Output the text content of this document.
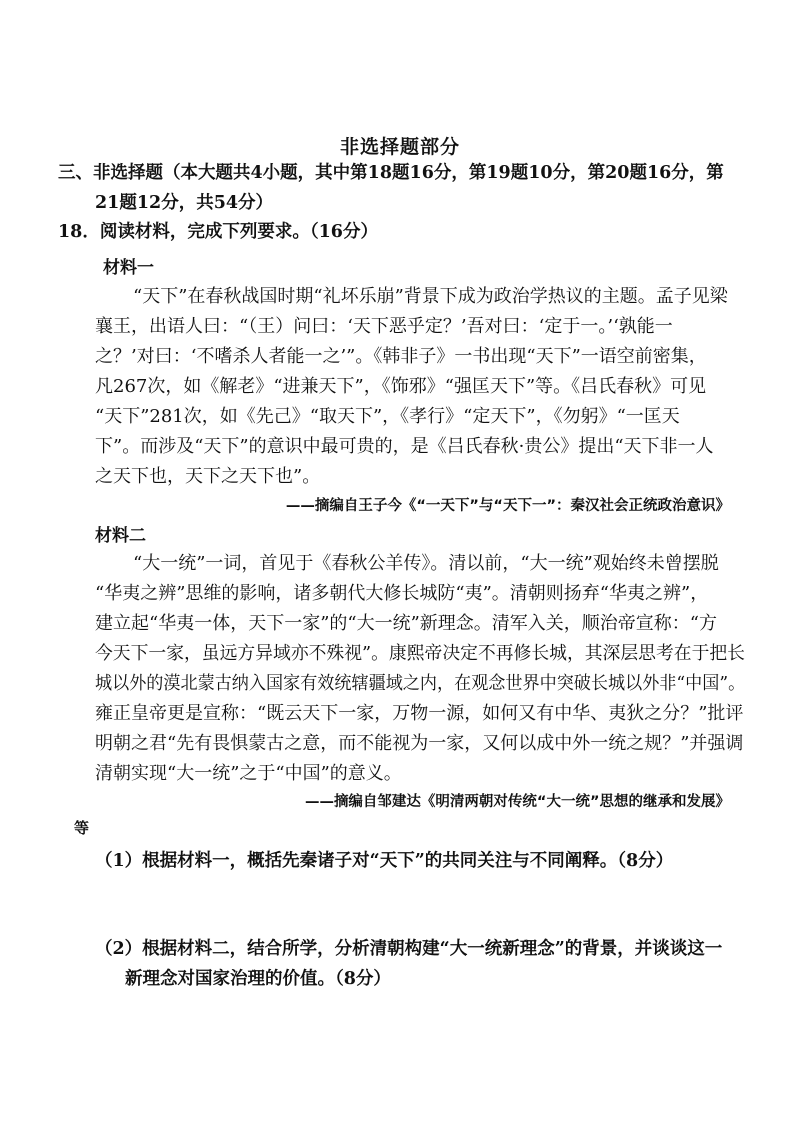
非选择题部分
三、非选择题（本大题共4小题，其中第18题16分，第19题10分，第20题16分，第
21题12分，共54分）
18．阅读材料，完成下列要求。（16分）
材料一
“天下”在春秋战国时期“礼坏乐崩”背景下成为政治学热议的主题。孟子见梁
襄王，出语人曰：“（王）问曰：‘天下恶乎定？’吾对曰：‘定于一。’‘孰能一
之？’对曰：‘不嗜杀人者能一之’”。《韩非子》一书出现“天下”一语空前密集，
凡267次，如《解老》“进兼天下”，《饰邪》“强匡天下”等。《吕氏春秋》可见
“天下”281次，如《先己》“取天下”，《孝行》“定天下”，《勿躬》“一匡天
下”。而涉及“天下”的意识中最可贵的，是《吕氏春秋·贵公》提出“天下非一人
之天下也，天下之天下也”。
——摘编自王子今《“一天下”与“天下一”：秦汉社会正统政治意识》
材料二
“大一统”一词，首见于《春秋公羊传》。清以前，“大一统”观始终未曾摆脱
“华夷之辨”思维的影响，诸多朝代大修长城防“夷”。清朝则扬弃“华夷之辨”，
建立起“华夷一体，天下一家”的“大一统”新理念。清军入关，顺治帝宣称：“方
今天下一家，虽远方异域亦不殊视”。康熙帝决定不再修长城，其深层思考在于把长
城以外的漠北蒙古纳入国家有效统辖疆域之内，在观念世界中突破长城以外非“中国”。
雍正皇帝更是宣称：“既云天下一家，万物一源，如何又有中华、夷狄之分？”批评
明朝之君“先有畏惧蒙古之意，而不能视为一家，又何以成中外一统之规？”并强调
清朝实现“大一统”之于“中国”的意义。
——摘编自邹建达《明清两朝对传统“大一统”思想的继承和发展》
等
（1）根据材料一，概括先秦诸子对“天下”的共同关注与不同阐释。（8分）
（2）根据材料二，结合所学，分析清朝构建“大一统新理念”的背景，并谈谈这一
新理念对国家治理的价值。（8分）
